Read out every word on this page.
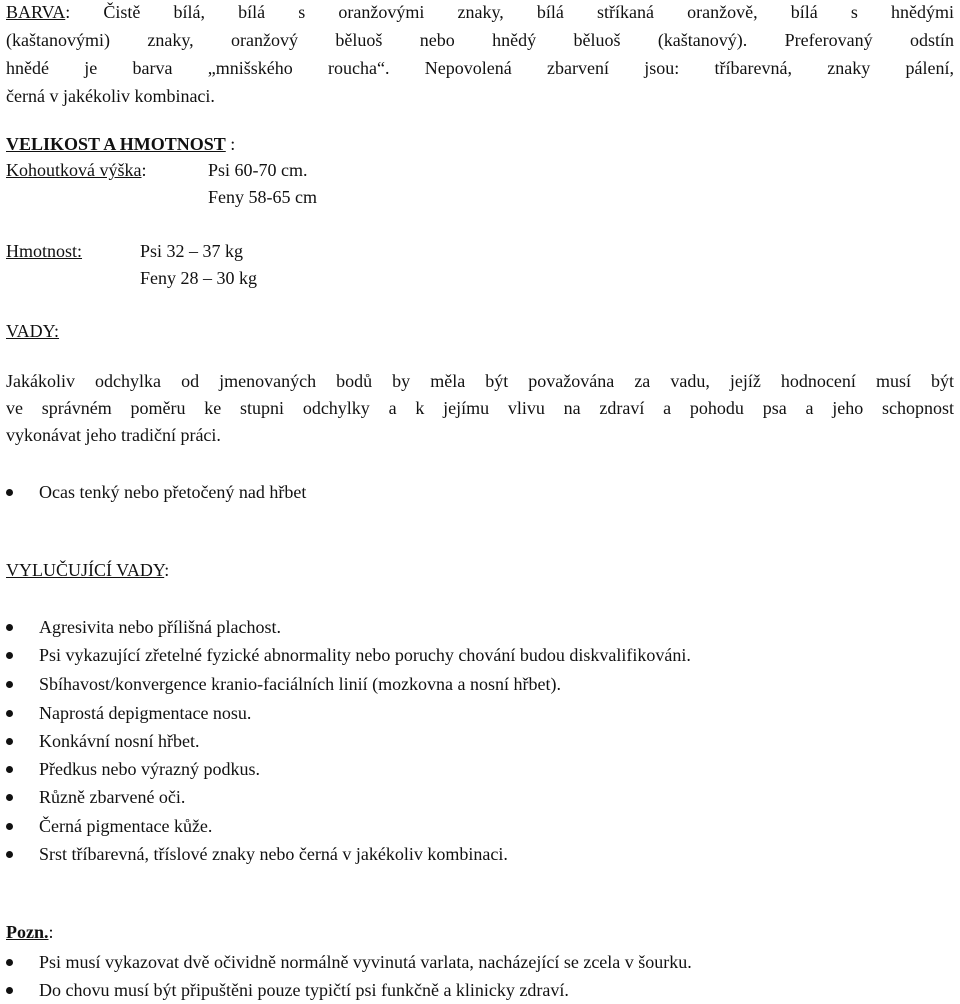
BARVA: Čistě bílá, bílá s oranžovými znaky, bílá stříkaná oranžově, bílá s hnědými
(kaštanovými) znaky, oranžový běluoš nebo hnědý běluoš (kaštanový). Preferovaný odstín
hnědé je barva „mnišského roucha“. Nepovolená zbarvení jsou: tříbarevná, znaky pálení,
černá v jakékoliv kombinaci.
VELIKOST A HMOTNOST :
Kohoutková výška:	Psi 60-70 cm.
Feny 58-65 cm
Hmotnost:	Psi 32 – 37 kg
Feny 28 – 30 kg
VADY:
Jakákoliv odchylka od jmenovaných bodů by měla být považována za vadu, jejíž hodnocení musí být
ve správném poměru ke stupni odchylky a k jejímu vlivu na zdraví a pohodu psa a jeho schopnost
vykonávat jeho tradiční práci.
Ocas tenký nebo přetočený nad hřbet
VYLUČUJÍCÍ VADY:
Agresivita nebo přílišná plachost.
Psi vykazující zřetelné fyzické abnormality nebo poruchy chování budou diskvalifikováni.
Sbíhavost/konvergence kranio-faciálních linií (mozkovna a nosní hřbet).
Naprostá depigmentace nosu.
Konkávní nosní hřbet.
Předkus nebo výrazný podkus.
Různě zbarvené oči.
Černá pigmentace kůže.
Srst tříbarevná, tříslové znaky nebo černá v jakékoliv kombinaci.
Pozn.:
Psi musí vykazovat dvě očividně normálně vyvinutá varlata, nacházející se zcela v šourku.
Do chovu musí být připuštěni pouze typičtí psi funkčně a klinicky zdraví.
